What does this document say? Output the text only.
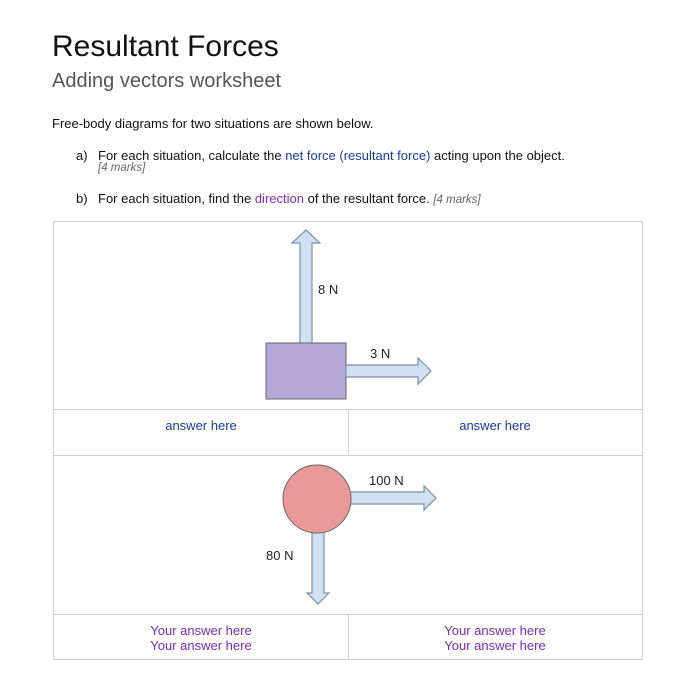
Resultant Forces
Adding vectors worksheet
Free-body diagrams for two situations are shown below.
a) For each situation, calculate the net force (resultant force) acting upon the object.
[4 marks]
b) For each situation, find the direction of the resultant force. [4 marks]
8 N
3 N
answer here	answer here
100 N
80 N
Your answer here
Your answer here
Your answer here
Your answer here
